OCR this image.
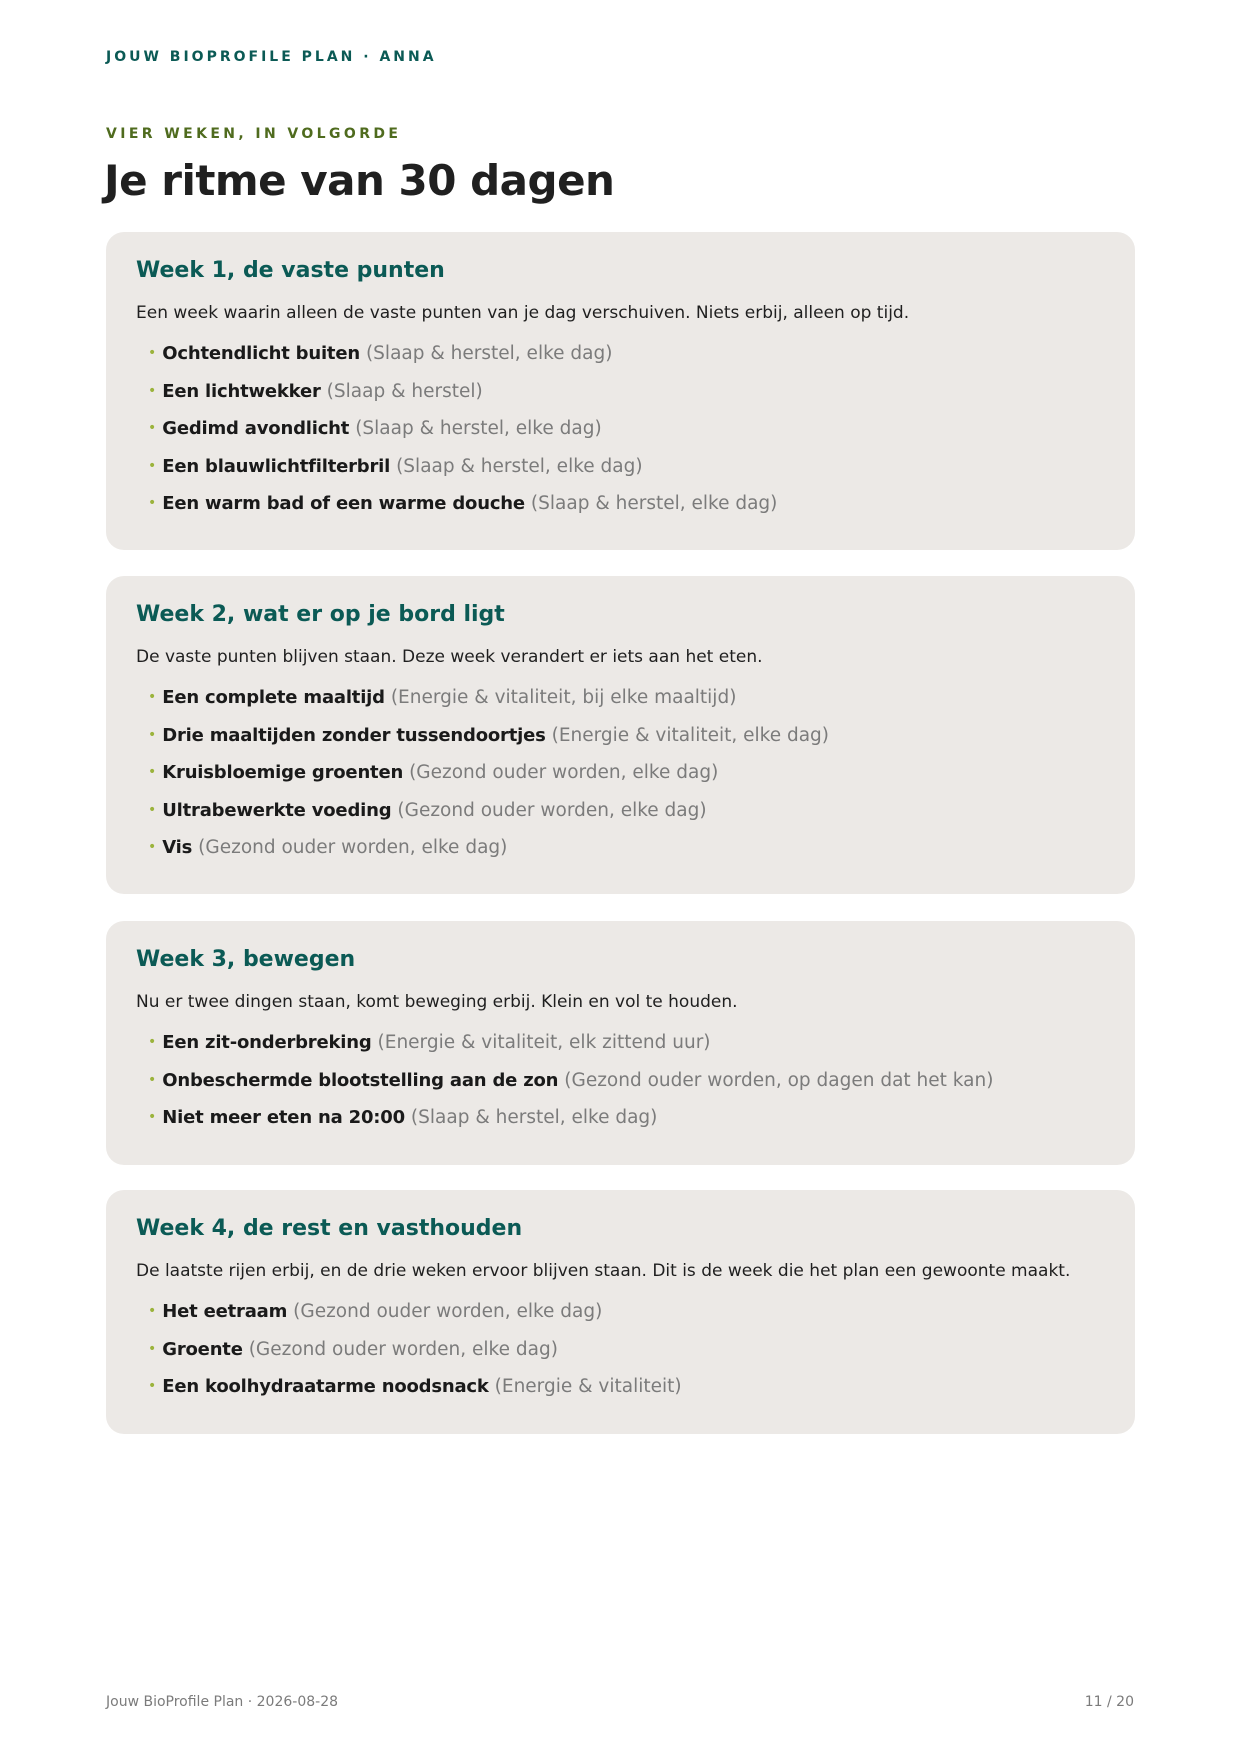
JOUW BIOPROFILE PLAN · ANNA
VIER WEKEN, IN VOLGORDE
Je ritme van 30 dagen
Week 1, de vaste punten

Een week waarin alleen de vaste punten van je dag verschuiven. Niets erbij, alleen op tijd.

• Ochtendlicht buiten (Slaap & herstel, elke dag)
• Een lichtwekker (Slaap & herstel)
• Gedimd avondlicht (Slaap & herstel, elke dag)
• Een blauwlichtfilterbril (Slaap & herstel, elke dag)
• Een warm bad of een warme douche (Slaap & herstel, elke dag)
Week 2, wat er op je bord ligt

De vaste punten blijven staan. Deze week verandert er iets aan het eten.

• Een complete maaltijd (Energie & vitaliteit, bij elke maaltijd)
• Drie maaltijden zonder tussendoortjes (Energie & vitaliteit, elke dag)
• Kruisbloemige groenten (Gezond ouder worden, elke dag)
• Ultrabewerkte voeding (Gezond ouder worden, elke dag)
• Vis (Gezond ouder worden, elke dag)
Week 3, bewegen

Nu er twee dingen staan, komt beweging erbij. Klein en vol te houden.

• Een zit-onderbreking (Energie & vitaliteit, elk zittend uur)
• Onbeschermde blootstelling aan de zon (Gezond ouder worden, op dagen dat het kan)
• Niet meer eten na 20:00 (Slaap & herstel, elke dag)
Week 4, de rest en vasthouden

De laatste rijen erbij, en de drie weken ervoor blijven staan. Dit is de week die het plan een gewoonte maakt.

• Het eetraam (Gezond ouder worden, elke dag)
• Groente (Gezond ouder worden, elke dag)
• Een koolhydraatarme noodsnack (Energie & vitaliteit)
Jouw BioProfile Plan · 2026-08-28	11 / 20
